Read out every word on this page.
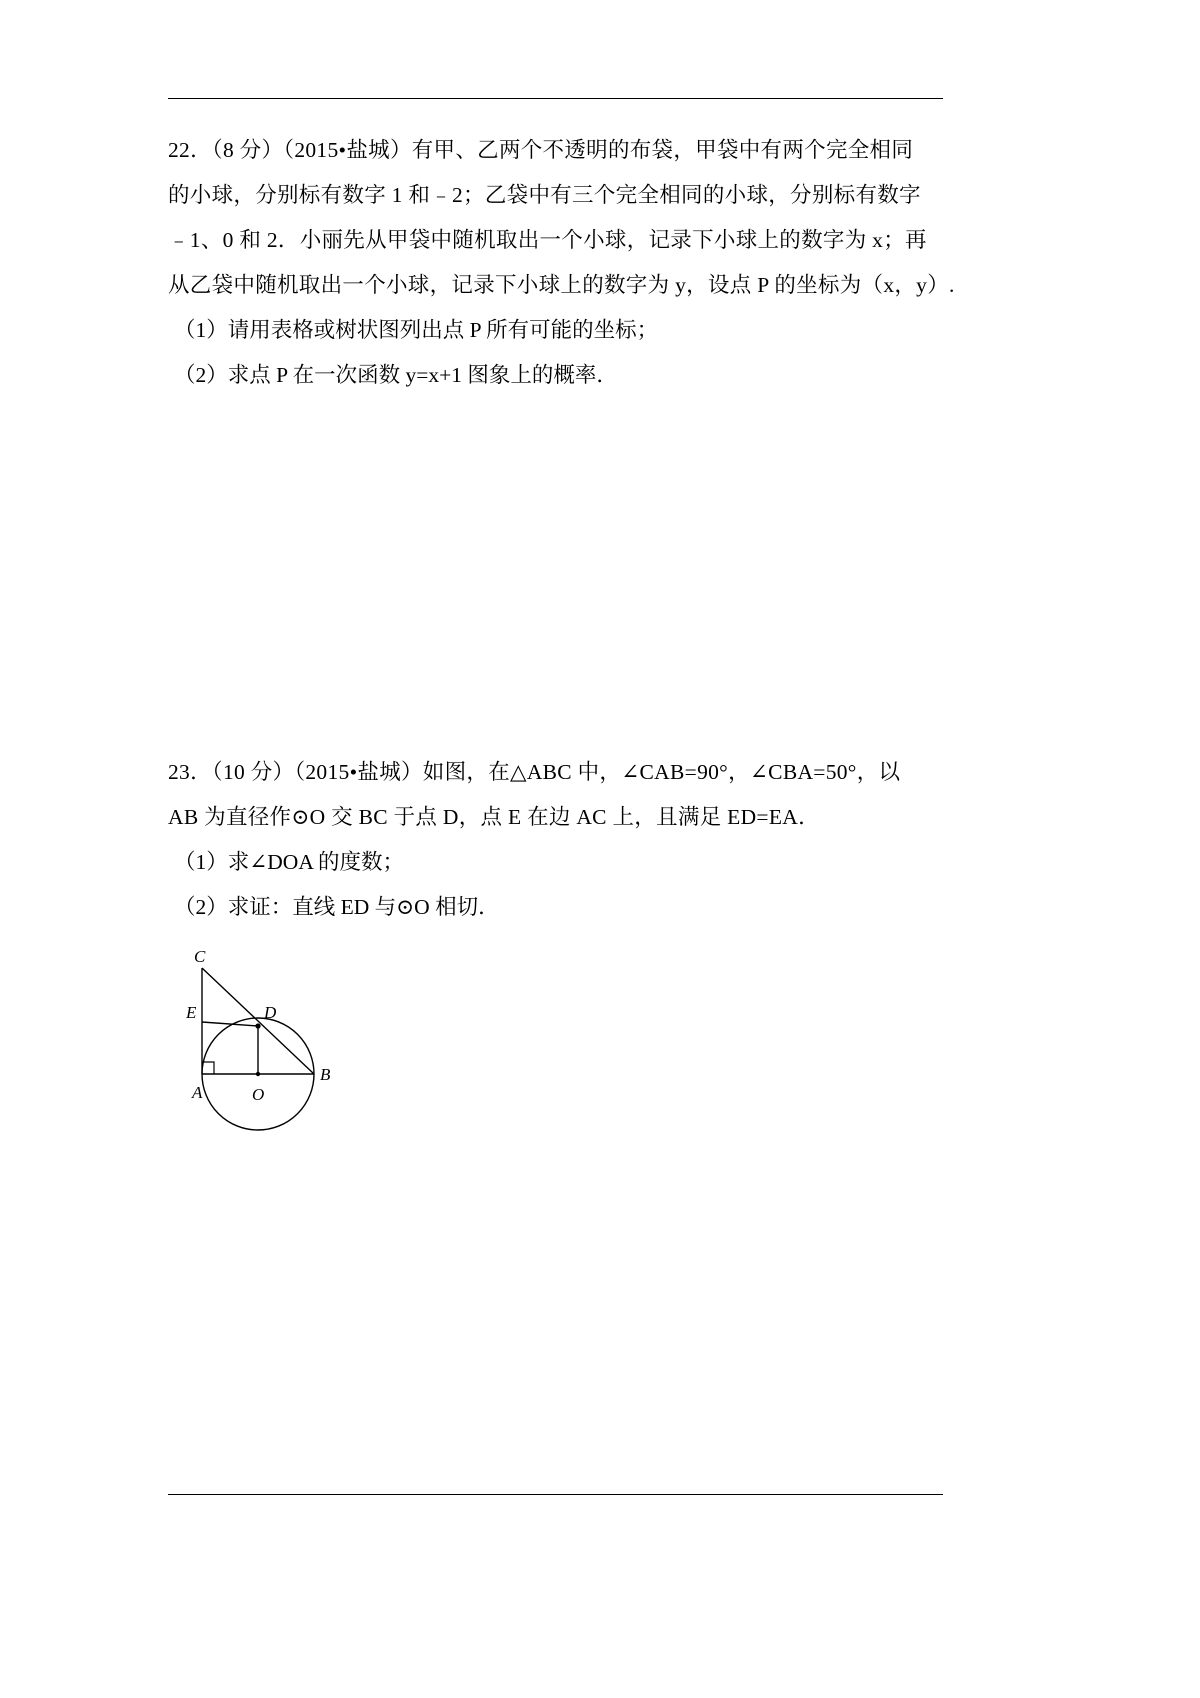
22．（8 分）（2015•盐城）有甲、乙两个不透明的布袋，甲袋中有两个完全相同
的小球，分别标有数字 1 和﹣2；乙袋中有三个完全相同的小球，分别标有数字
﹣1、0 和 2．小丽先从甲袋中随机取出一个小球，记录下小球上的数字为 x；再
从乙袋中随机取出一个小球，记录下小球上的数字为 y，设点 P 的坐标为（x，y）.
（1）请用表格或树状图列出点 P 所有可能的坐标；
（2）求点 P 在一次函数 y=x+1 图象上的概率．
23．（10 分）（2015•盐城）如图，在△ABC 中，∠CAB=90°，∠CBA=50°，以
AB 为直径作⊙O 交 BC 于点 D，点 E 在边 AC 上，且满足 ED=EA．
（1）求∠DOA 的度数；
（2）求证：直线 ED 与⊙O 相切．
C
E	D
A	O
B
